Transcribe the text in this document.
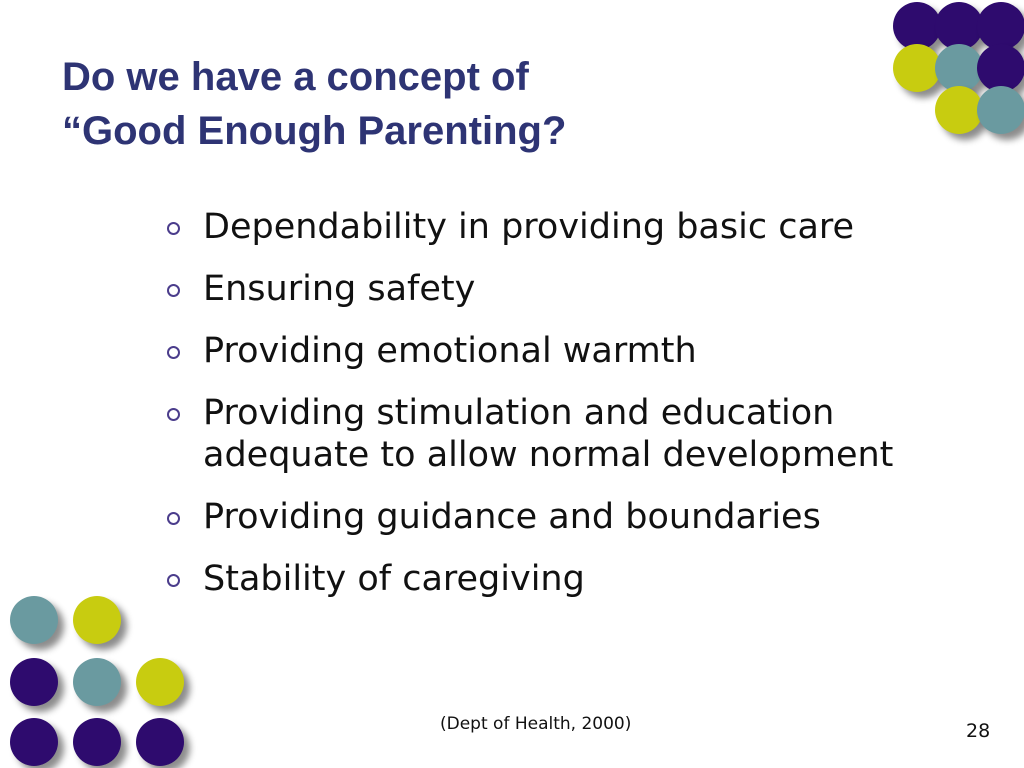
Do we have a concept of
“Good Enough Parenting?
Dependability in providing basic care
Ensuring safety
Providing emotional warmth
Providing stimulation and education adequate to allow normal development
Providing guidance and boundaries
Stability of caregiving
(Dept of Health, 2000)	28
